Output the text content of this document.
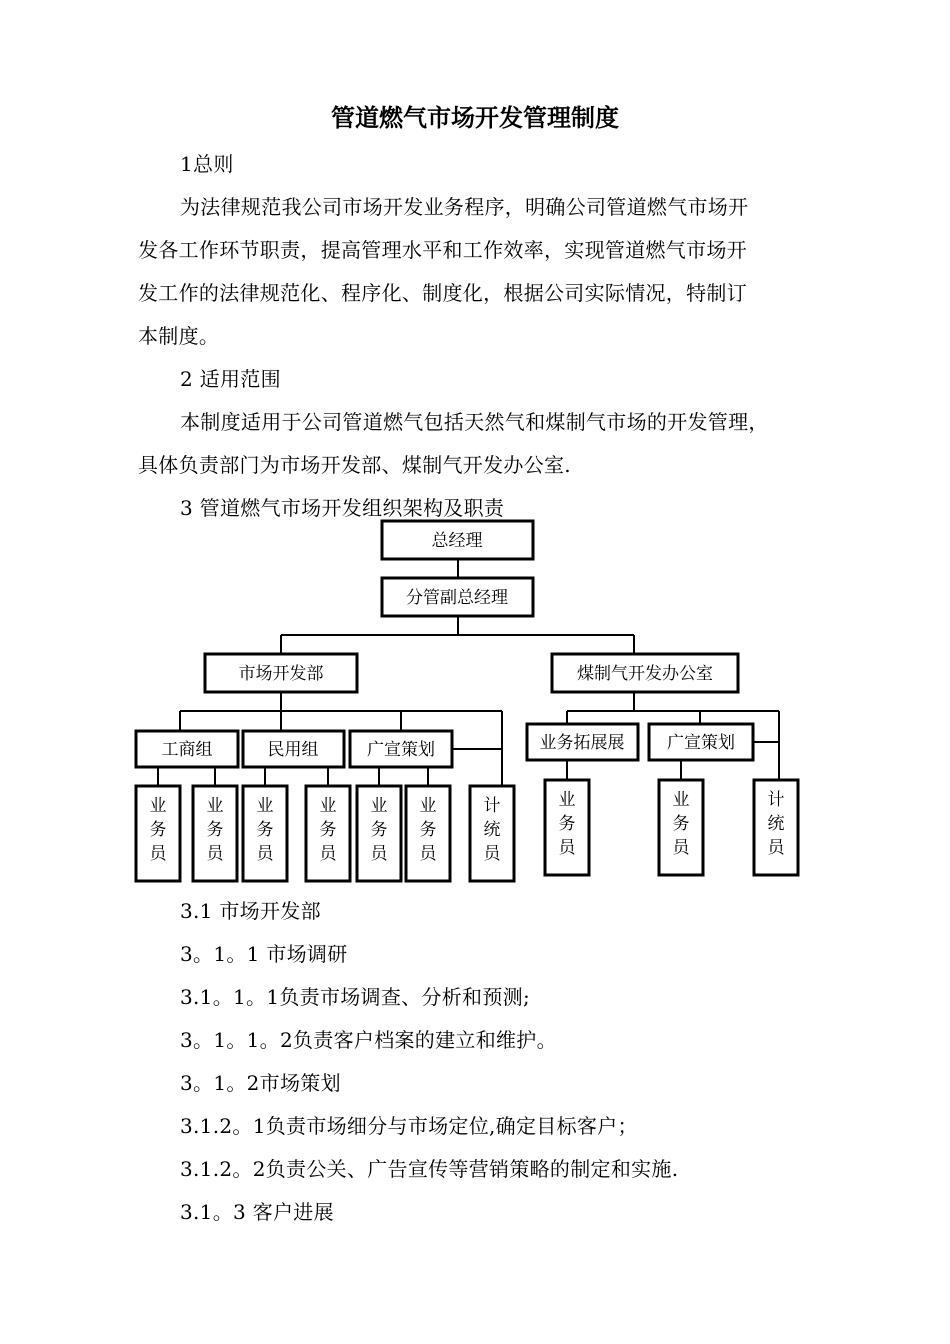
管道燃气市场开发管理制度
1总则
为法律规范我公司市场开发业务程序，明确公司管道燃气市场开
发各工作环节职责，提高管理水平和工作效率，实现管道燃气市场开
发工作的法律规范化、程序化、制度化，根据公司实际情况，特制订
本制度。
2 适用范围
本制度适用于公司管道燃气包括天然气和煤制气市场的开发管理，
具体负责部门为市场开发部、煤制气开发办公室.
3 管道燃气市场开发组织架构及职责
总经理
分管副总经理
市场开发部	煤制气开发办公室
工商组	民用组	广宣策划	业务拓展展	广宣策划
业务员
业务员
业务员
业务员
业务员
业务员
计统员
业务员
业务员
计统员
3.1 市场开发部
3。1。1 市场调研
3.1。1。1负责市场调查、分析和预测;
3。1。1。2负责客户档案的建立和维护。
3。1。2市场策划
3.1.2。1负责市场细分与市场定位,确定目标客户；
3.1.2。2负责公关、广告宣传等营销策略的制定和实施.
3.1。3 客户进展
